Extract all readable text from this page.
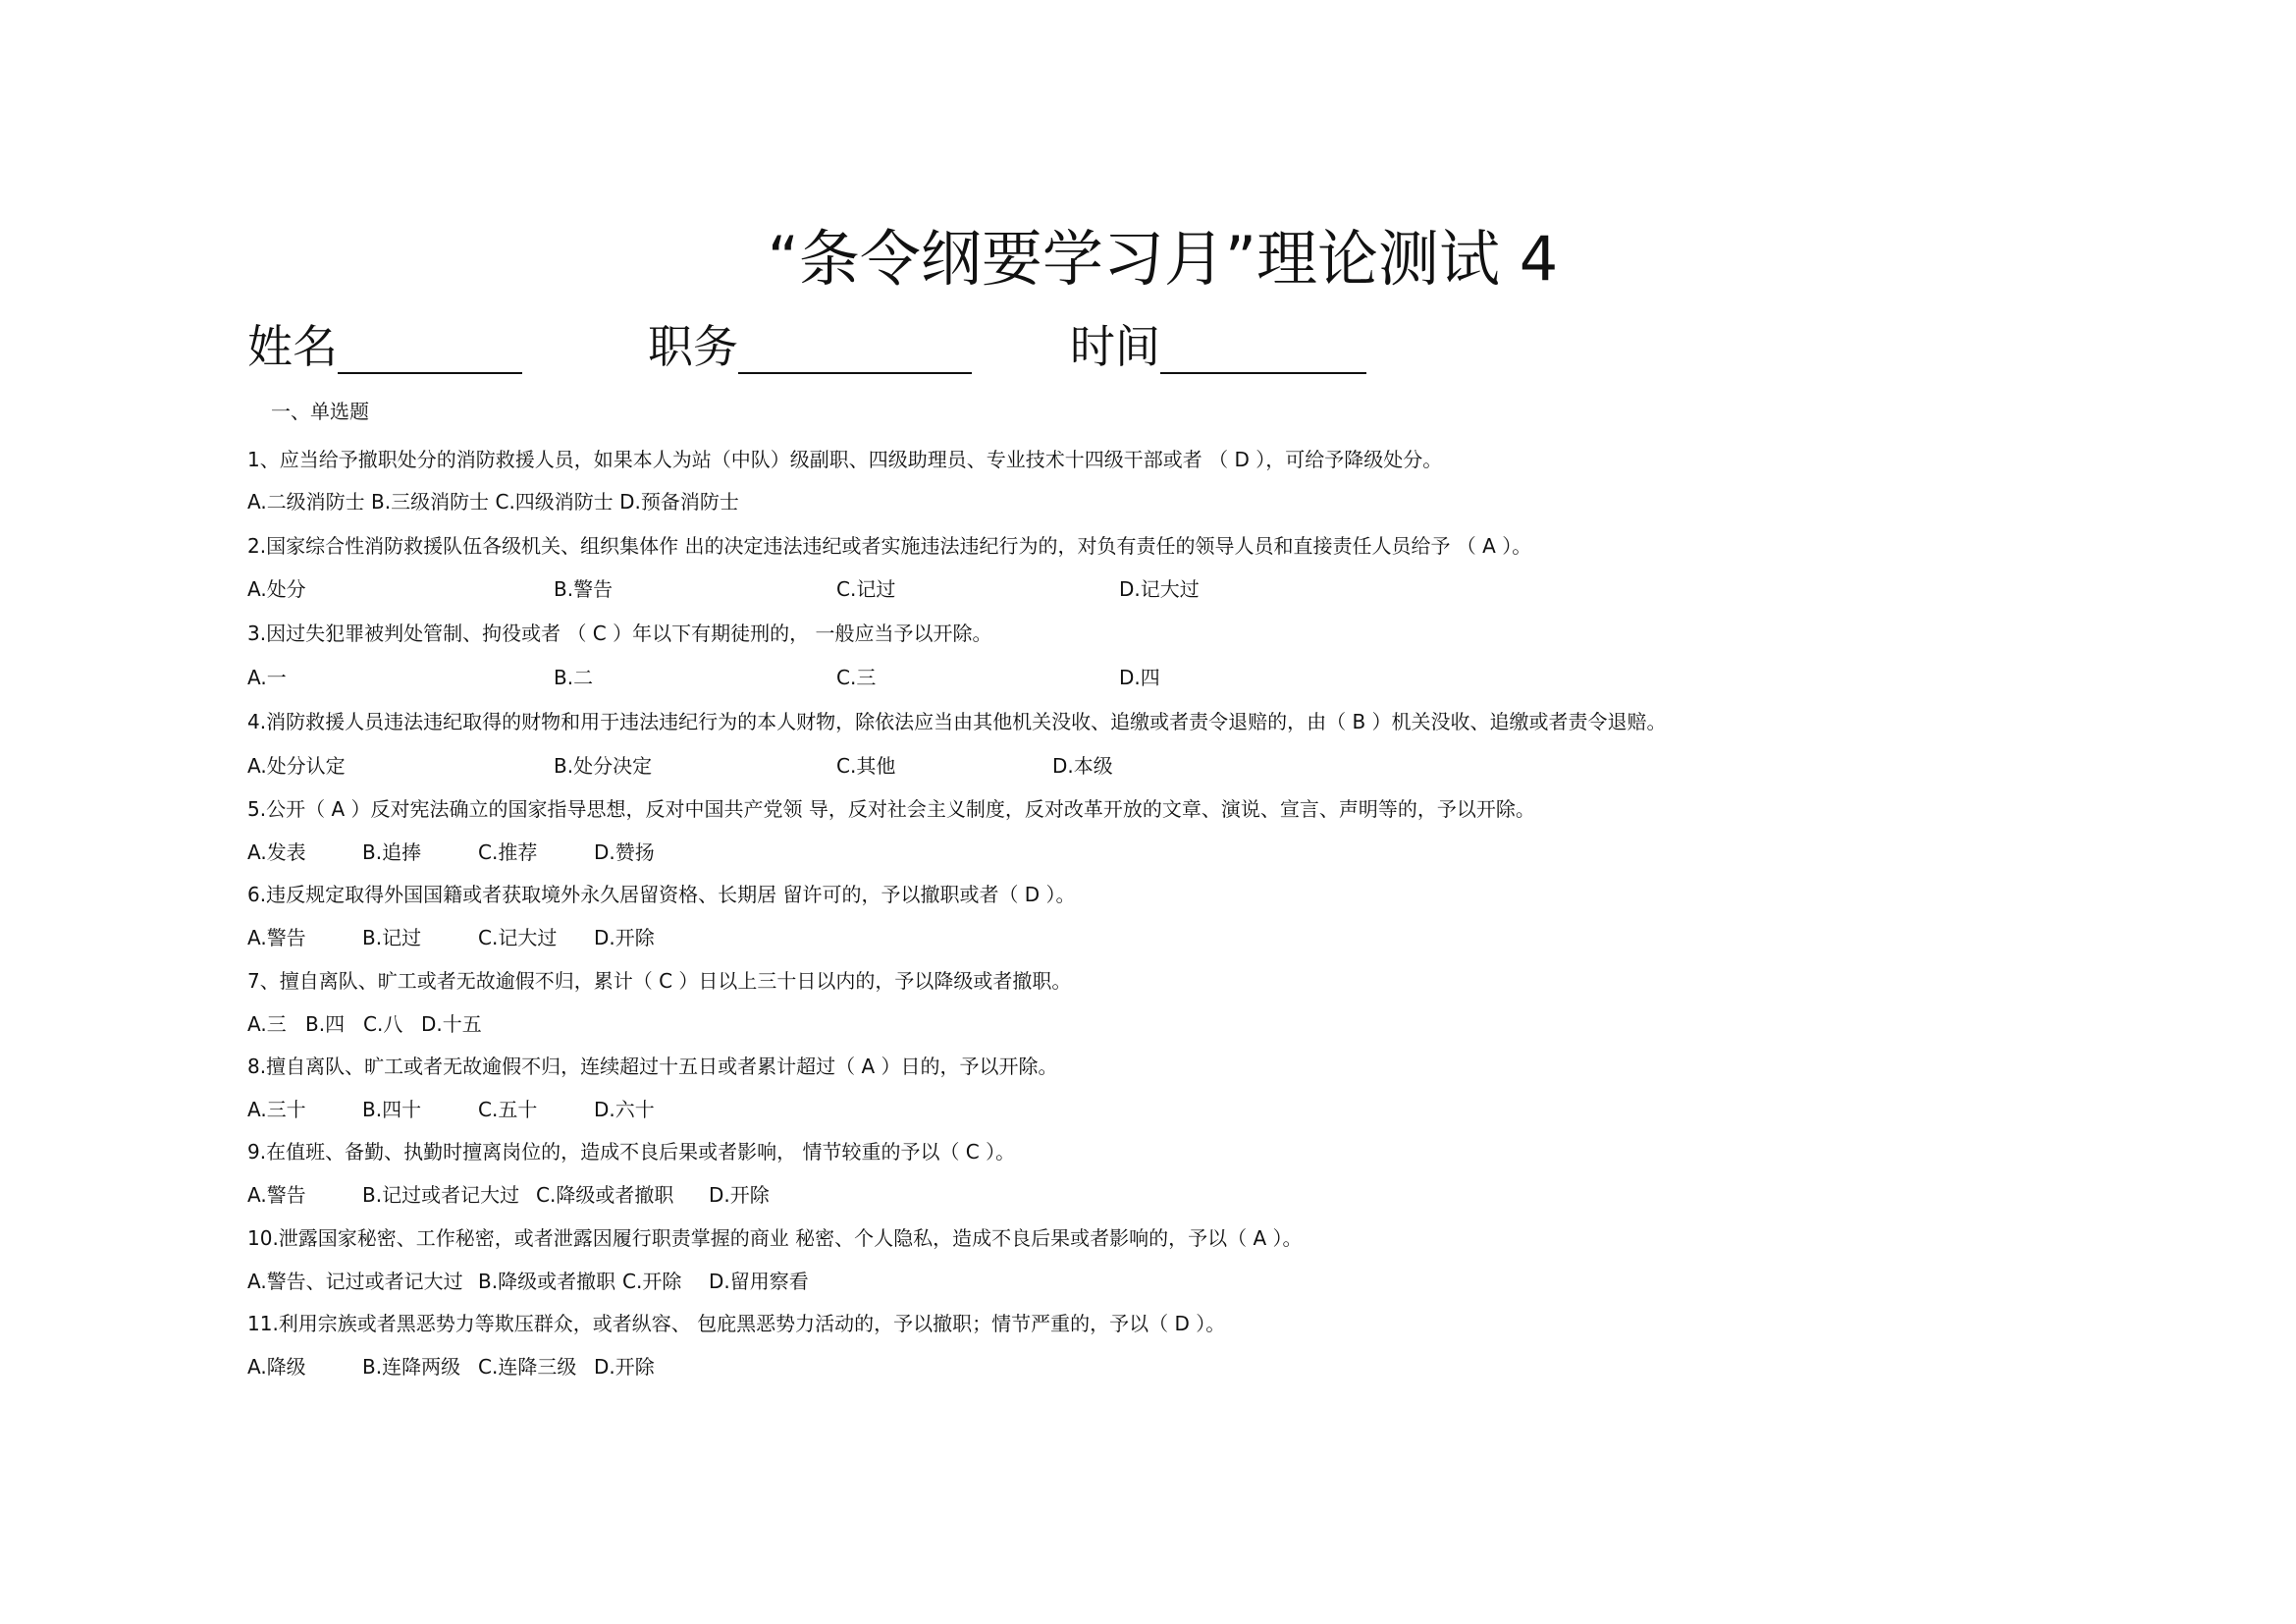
“条令纲要学习月”理论测试 4
姓名	职务	时间
一、单选题
1、应当给予撤职处分的消防救援人员，如果本人为站（中队）级副职、四级助理员、专业技术十四级干部或者 （ D ），可给予降级处分。
A.二级消防士 B.三级消防士 C.四级消防士 D.预备消防士
2.国家综合性消防救援队伍各级机关、组织集体作 出的决定违法违纪或者实施违法违纪行为的，对负有责任的领导人员和直接责任人员给予 （ A ）。
A.处分	B.警告	C.记过	D.记大过
3.因过失犯罪被判处管制、拘役或者 （ C ）年以下有期徒刑的， 一般应当予以开除。
A.一	B.二	C.三	D.四
4.消防救援人员违法违纪取得的财物和用于违法违纪行为的本人财物，除依法应当由其他机关没收、追缴或者责令退赔的，由（ B ）机关没收、追缴或者责令退赔。
A.处分认定	B.处分决定	C.其他	D.本级
5.公开（ A ）反对宪法确立的国家指导思想，反对中国共产党领 导，反对社会主义制度，反对改革开放的文章、演说、宣言、声明等的，予以开除。
A.发表	B.追捧	C.推荐	D.赞扬
6.违反规定取得外国国籍或者获取境外永久居留资格、长期居 留许可的，予以撤职或者（ D ）。
A.警告	B.记过	C.记大过 D.开除
7、擅自离队、旷工或者无故逾假不归，累计（ C ）日以上三十日以内的，予以降级或者撤职。
A.三 B.四 C.八 D.十五
8.擅自离队、旷工或者无故逾假不归，连续超过十五日或者累计超过（ A ）日的，予以开除。
A.三十	B.四十	C.五十	D.六十
9.在值班、备勤、执勤时擅离岗位的，造成不良后果或者影响， 情节较重的予以（ C ）。
A.警告	B.记过或者记大过 C.降级或者撤职 D.开除
10.泄露国家秘密、工作秘密，或者泄露因履行职责掌握的商业 秘密、个人隐私，造成不良后果或者影响的，予以（ A ）。
A.警告、记过或者记大过 B.降级或者撤职 C.开除 D.留用察看
11.利用宗族或者黑恶势力等欺压群众，或者纵容、 包庇黑恶势力活动的，予以撤职；情节严重的，予以（ D ）。
A.降级	B.连降两级 C.连降三级 D.开除
